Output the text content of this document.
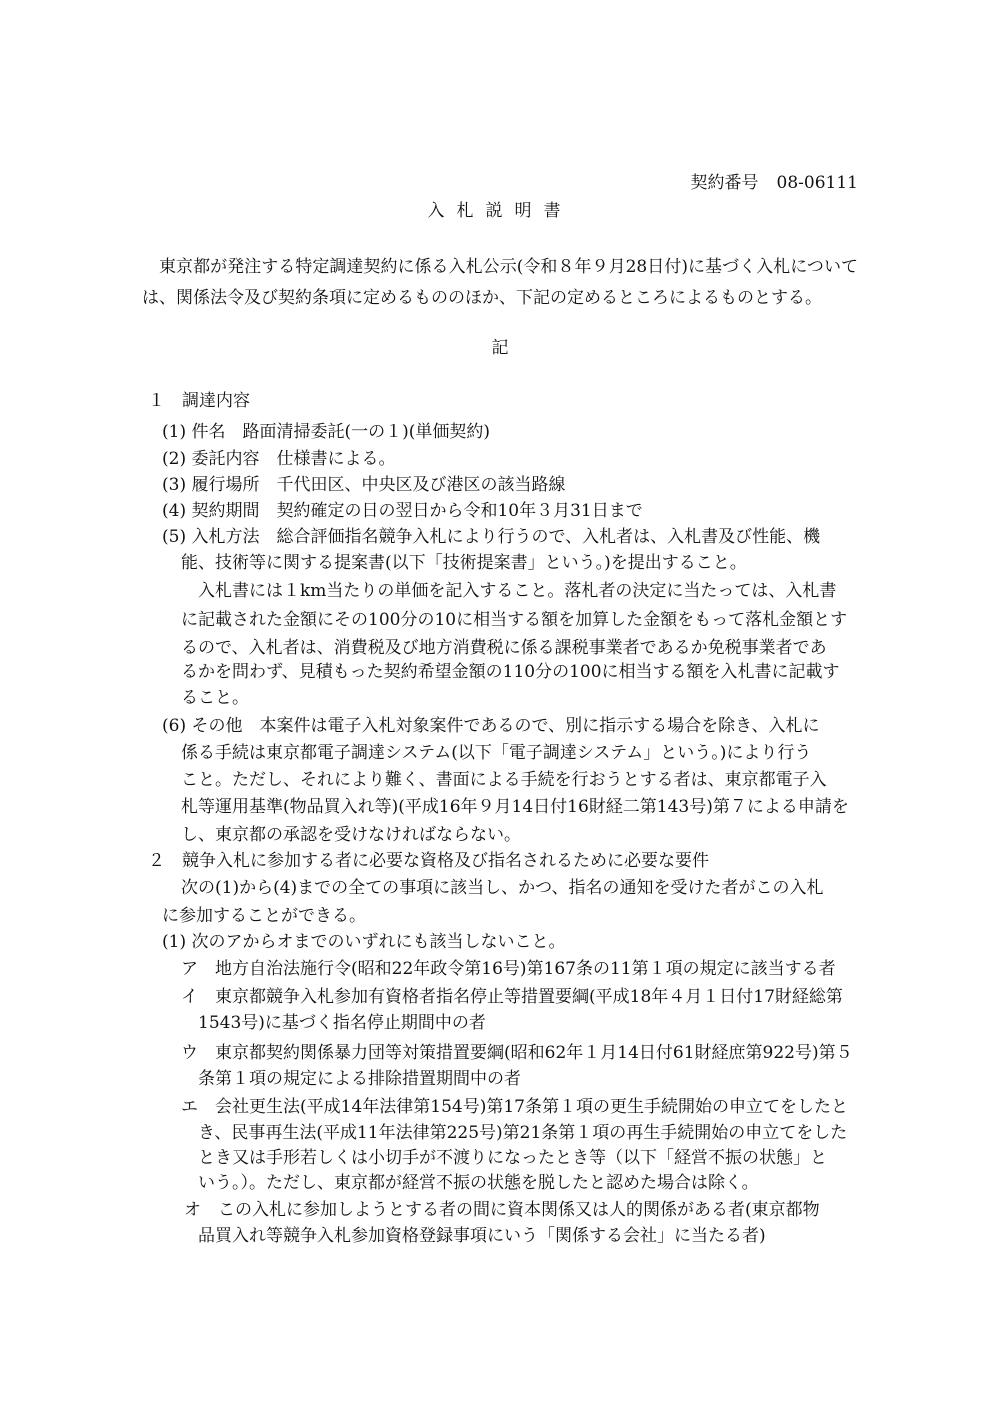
契約番号 08-06111
入札説明書
東京都が発注する特定調達契約に係る入札公示(令和８年９月28日付)に基づく入札については、関係法令及び契約条項に定めるもののほか、下記の定めるところによるものとする。
記
１　調達内容
(1) 件名　路面清掃委託(一の１)(単価契約)
(2) 委託内容　仕様書による。
(3) 履行場所　千代田区、中央区及び港区の該当路線
(4) 契約期間　契約確定の日の翌日から令和10年３月31日まで
(5) 入札方法　総合評価指名競争入札により行うので、入札者は、入札書及び性能、機
能、技術等に関する提案書(以下「技術提案書」という。)を提出すること。
入札書には１km当たりの単価を記入すること。落札者の決定に当たっては、入札書
に記載された金額にその100分の10に相当する額を加算した金額をもって落札金額とす
るので、入札者は、消費税及び地方消費税に係る課税事業者であるか免税事業者であ
るかを問わず、見積もった契約希望金額の110分の100に相当する額を入札書に記載す
ること。
(6) その他　本案件は電子入札対象案件であるので、別に指示する場合を除き、入札に
係る手続は東京都電子調達システム(以下「電子調達システム」という。)により行う
こと。ただし、それにより難く、書面による手続を行おうとする者は、東京都電子入
札等運用基準(物品買入れ等)(平成16年９月14日付16財経二第143号)第７による申請を
し、東京都の承認を受けなければならない。
２　競争入札に参加する者に必要な資格及び指名されるために必要な要件
次の(1)から(4)までの全ての事項に該当し、かつ、指名の通知を受けた者がこの入札
に参加することができる。
(1) 次のアからオまでのいずれにも該当しないこと。
ア　地方自治法施行令(昭和22年政令第16号)第167条の11第１項の規定に該当する者
イ　東京都競争入札参加有資格者指名停止等措置要綱(平成18年４月１日付17財経総第
1543号)に基づく指名停止期間中の者
ウ　東京都契約関係暴力団等対策措置要綱(昭和62年１月14日付61財経庶第922号)第５
条第１項の規定による排除措置期間中の者
エ　会社更生法(平成14年法律第154号)第17条第１項の更生手続開始の申立てをしたと
き、民事再生法(平成11年法律第225号)第21条第１項の再生手続開始の申立てをした
とき又は手形若しくは小切手が不渡りになったとき等（以下「経営不振の状態」と
いう。）。ただし、東京都が経営不振の状態を脱したと認めた場合は除く。
オ　この入札に参加しようとする者の間に資本関係又は人的関係がある者(東京都物
品買入れ等競争入札参加資格登録事項にいう「関係する会社」に当たる者)
